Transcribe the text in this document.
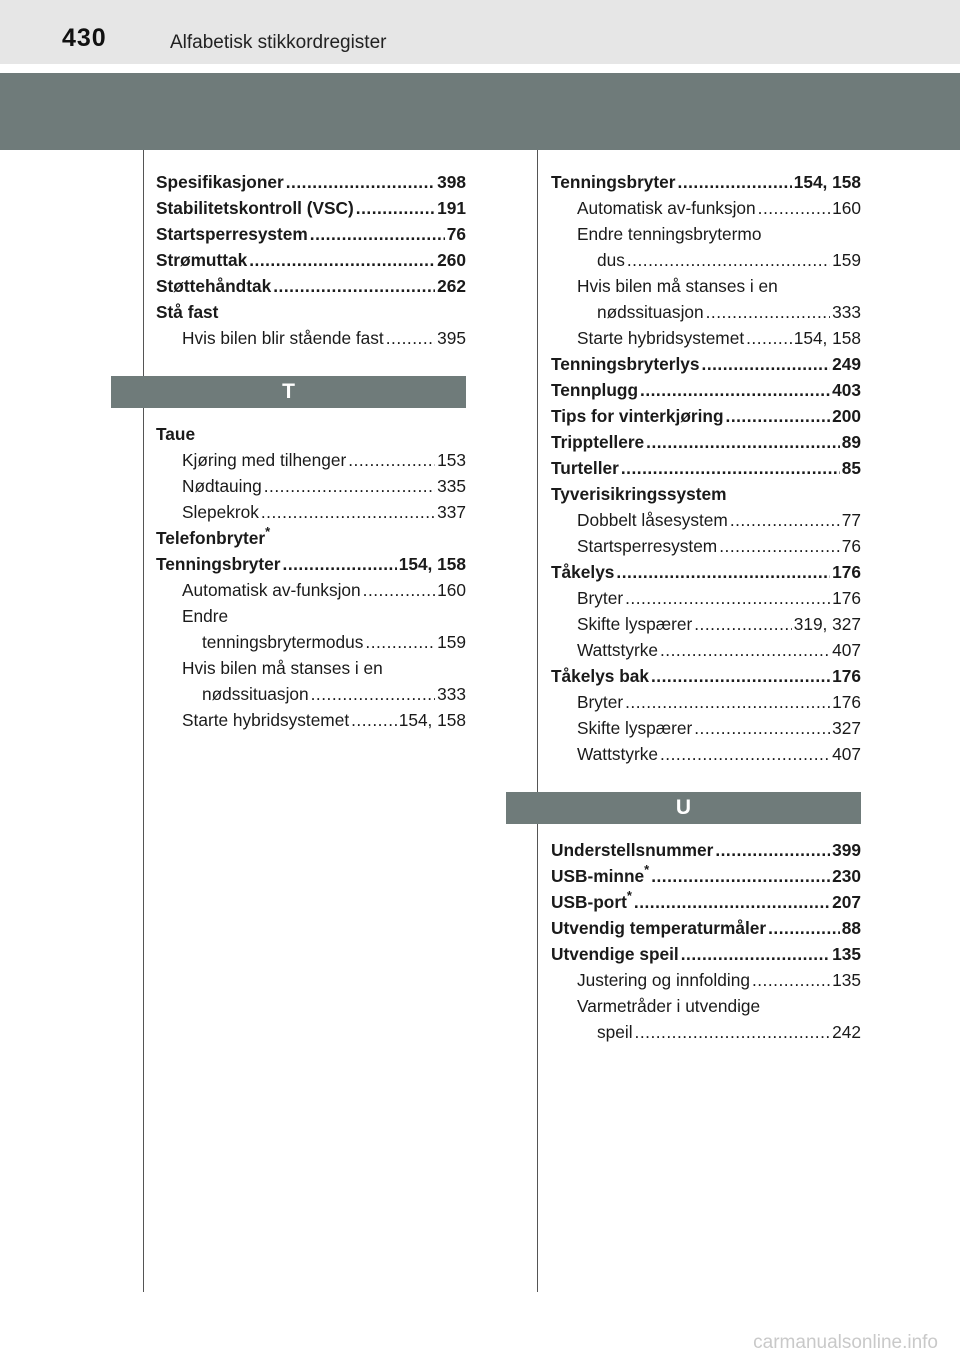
430	Alfabetisk stikkordregister
Spesifikasjoner .....	398
Stabilitetskontroll (VSC) .....	191
Startsperresystem .....	76
Strømuttak .....	260
Støttehåndtak .....	262
Stå fast
Hvis bilen blir stående fast .....	395
T
Taue
Kjøring med tilhenger .....	153
Nødtauing .....	335
Slepekrok .....	337
Telefonbryter*
Tenningsbryter .....	154, 158
Automatisk av-funksjon .....	160
Endre
tenningsbrytermodus .....	159
Hvis bilen må stanses i en
nødssituasjon .....	333
Starte hybridsystemet .....	154, 158
Tenningsbryter .....	154, 158
Automatisk av-funksjon .....	160
Endre tenningsbrytermo
dus .....	159
Hvis bilen må stanses i en
nødssituasjon .....	333
Starte hybridsystemet .....	154, 158
Tenningsbryterlys .....	249
Tennplugg .....	403
Tips for vinterkjøring .....	200
Tripptellere .....	89
Turteller .....	85
Tyverisikringssystem
Dobbelt låsesystem .....	77
Startsperresystem .....	76
Tåkelys .....	176
Bryter .....	176
Skifte lyspærer .....	319, 327
Wattstyrke .....	407
Tåkelys bak .....	176
Bryter .....	176
Skifte lyspærer .....	327
Wattstyrke .....	407
U
Understellsnummer .....	399
USB-minne* .....	230
USB-port* .....	207
Utvendig temperaturmåler .....	88
Utvendige speil .....	135
Justering og innfolding .....	135
Varmetråder i utvendige
speil .....	242
carmanualsonline.info
